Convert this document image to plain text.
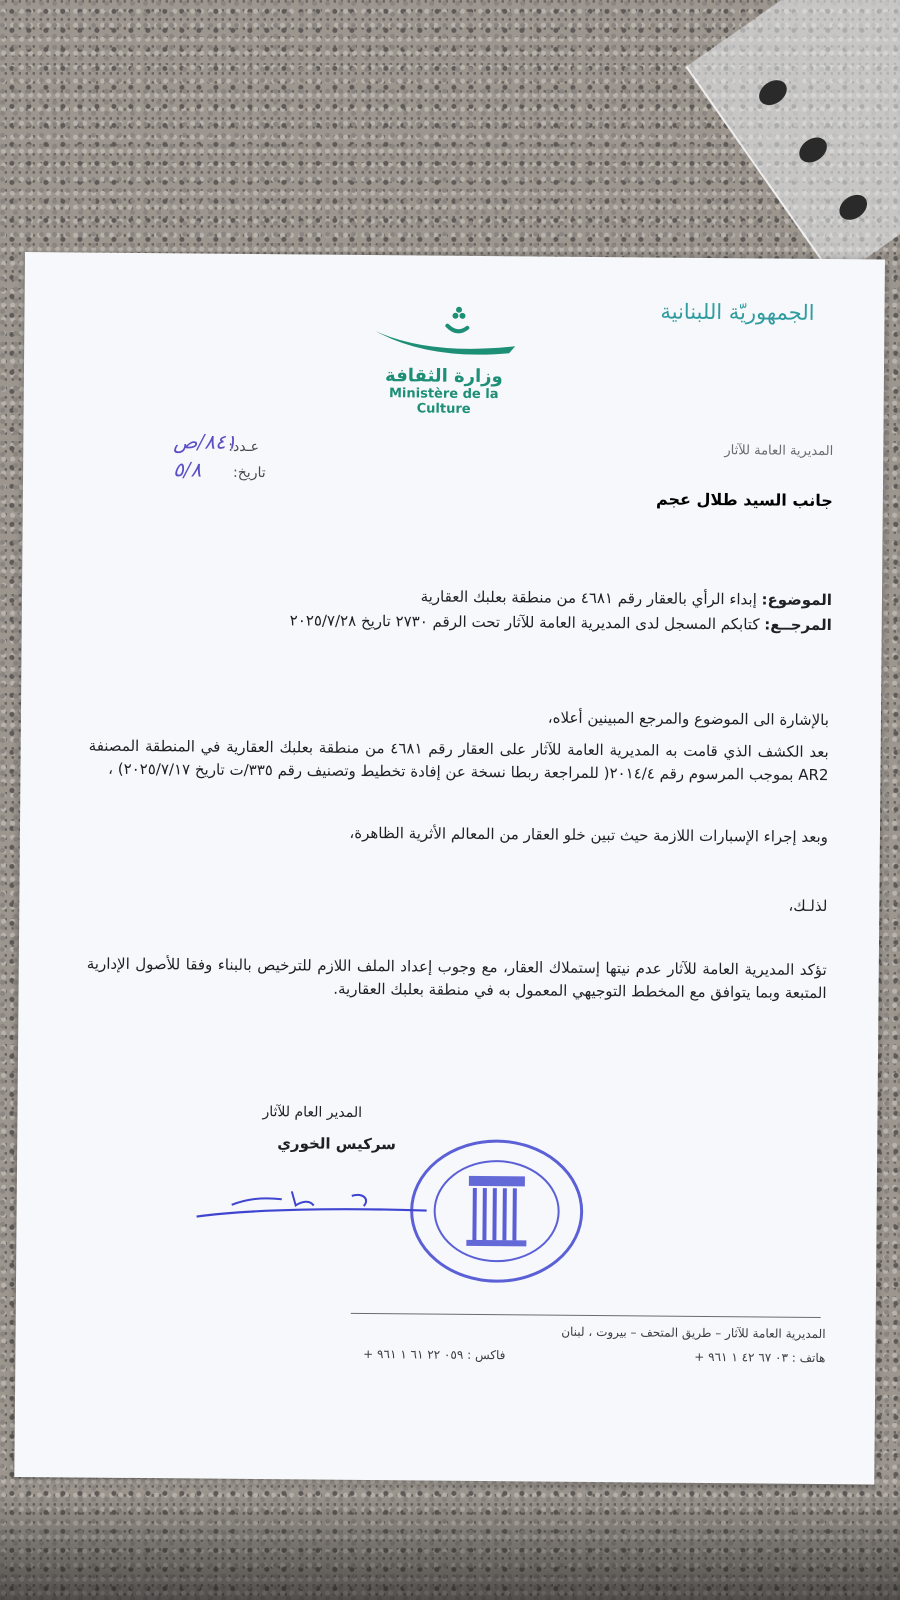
الجمهوريّة اللبنانية
وزارة الثقافة
Ministère de la Culture
المديرية العامة للآثار
عـدد:
٨٤١/ص
تاريخ:
٥/٨
جانب السيد طلال عجم
الموضوع: إبداء الرأي بالعقار رقم ٤٦٨١ من منطقة بعلبك العقارية
المرجــع: كتابكم المسجل لدى المديرية العامة للآثار تحت الرقم ٢٧٣٠ تاريخ ٢٠٢٥/٧/٢٨
بالإشارة الى الموضوع والمرجع المبينين أعلاه،
بعد الكشف الذي قامت به المديرية العامة للآثار على العقار رقم ٤٦٨١ من منطقة بعلبك العقارية في المنطقة المصنفة AR2 بموجب المرسوم رقم ٢٠١٤/٤( للمراجعة ربطا نسخة عن إفادة تخطيط وتصنيف رقم ٣٣٥/ت تاريخ ٢٠٢٥/٧/١٧) ،
وبعد إجراء الإسبارات اللازمة حيث تبين خلو العقار من المعالم الأثرية الظاهرة،
لذلـك،
تؤكد المديرية العامة للآثار عدم نيتها إستملاك العقار، مع وجوب إعداد الملف اللازم للترخيص بالبناء وفقا للأصول الإدارية المتبعة وبما يتوافق مع المخطط التوجيهي المعمول به في منطقة بعلبك العقارية.
المدير العام للآثار
سركيس الخوري
المديرية العامة للآثار – طريق المتحف – بيروت ، لبنان
هاتف : ٠٣ ٦٧ ٤٢ ١ ٩٦١ +
فاكس : ٠٥٩ ٢٢ ٦١ ١ ٩٦١ +
